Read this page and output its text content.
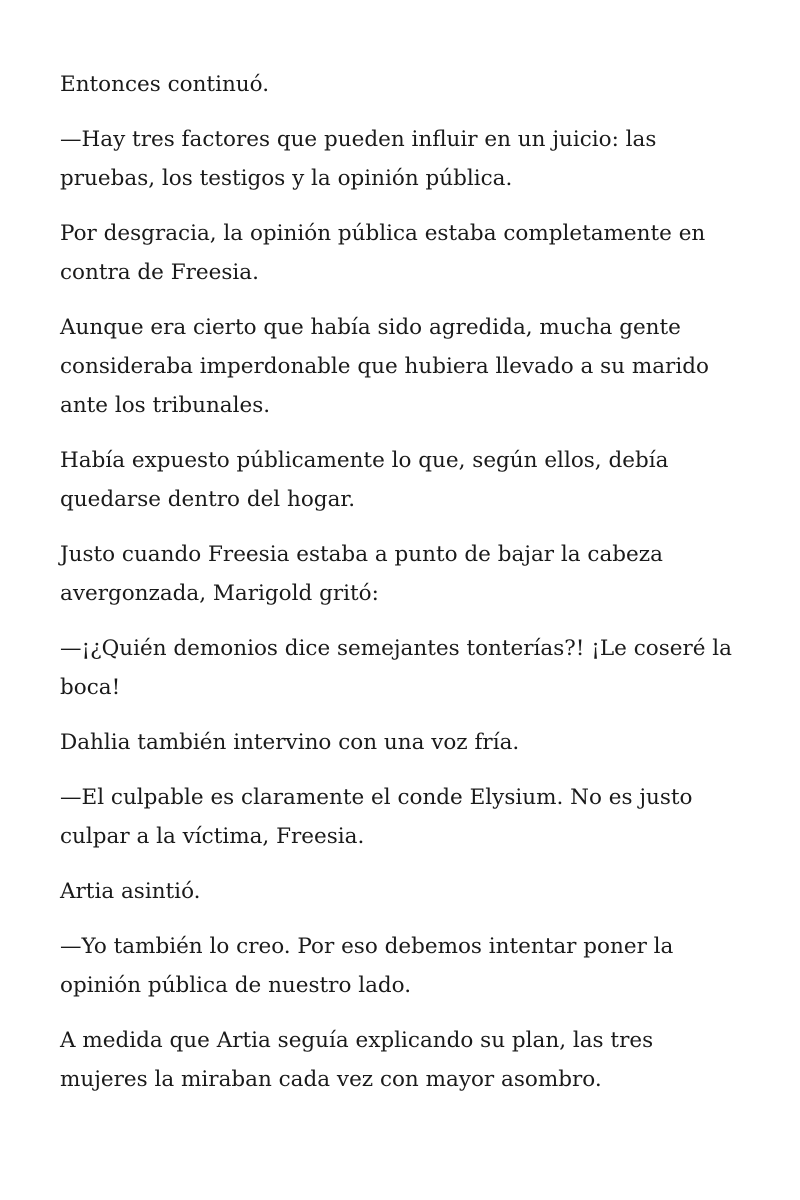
Entonces continuó.

—Hay tres factores que pueden influir en un juicio: las pruebas, los testigos y la opinión pública.

Por desgracia, la opinión pública estaba completamente en contra de Freesia.

Aunque era cierto que había sido agredida, mucha gente consideraba imperdonable que hubiera llevado a su marido ante los tribunales.

Había expuesto públicamente lo que, según ellos, debía quedarse dentro del hogar.

Justo cuando Freesia estaba a punto de bajar la cabeza avergonzada, Marigold gritó:

—¡¿Quién demonios dice semejantes tonterías?! ¡Le coseré la boca!

Dahlia también intervino con una voz fría.

—El culpable es claramente el conde Elysium. No es justo culpar a la víctima, Freesia.

Artia asintió.

—Yo también lo creo. Por eso debemos intentar poner la opinión pública de nuestro lado.

A medida que Artia seguía explicando su plan, las tres mujeres la miraban cada vez con mayor asombro.
